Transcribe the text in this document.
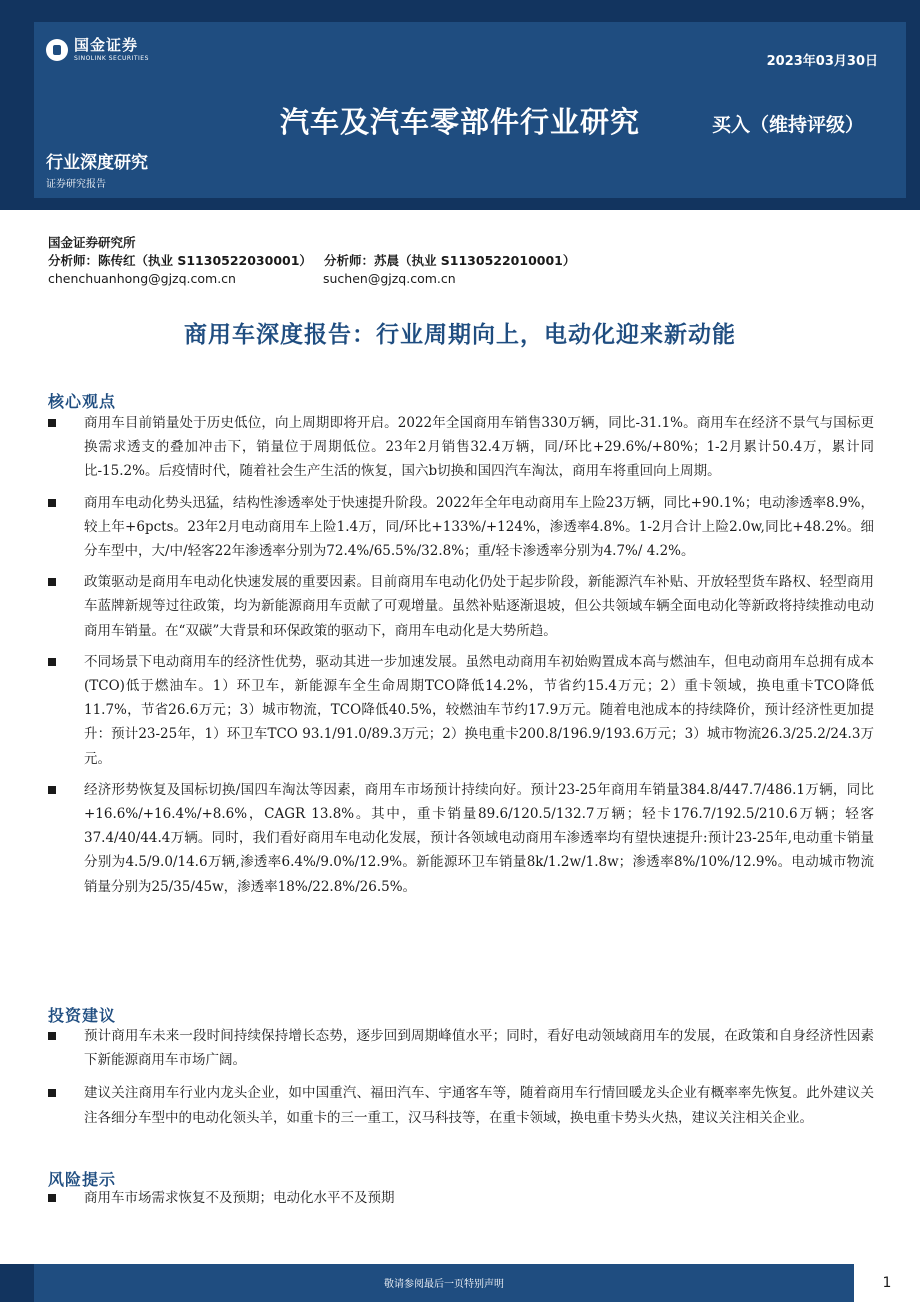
国金证券
SINOLINK SECURITIES	2023年03月30日
汽车及汽车零部件行业研究	买入（维持评级）
行业深度研究
证券研究报告
国金证券研究所
分析师：陈传红（执业 S1130522030001） 分析师：苏晨（执业 S1130522010001）
chenchuanhong@gjzq.com.cn	suchen@gjzq.com.cn
商用车深度报告：行业周期向上，电动化迎来新动能
核心观点
商用车目前销量处于历史低位，向上周期即将开启。2022年全国商用车销售330万辆，同比-31.1%。商用车在经济不景气与国标更换需求透支的叠加冲击下，销量位于周期低位。23年2月销售32.4万辆，同/环比+29.6%/+80%；1-2月累计50.4万，累计同比-15.2%。后疫情时代，随着社会生产生活的恢复，国六b切换和国四汽车淘汰，商用车将重回向上周期。
商用车电动化势头迅猛，结构性渗透率处于快速提升阶段。2022年全年电动商用车上险23万辆，同比+90.1%；电动渗透率8.9%，较上年+6pcts。23年2月电动商用车上险1.4万，同/环比+133%/+124%，渗透率4.8%。1-2月合计上险2.0w,同比+48.2%。细分车型中，大/中/轻客22年渗透率分别为72.4%/65.5%/32.8%；重/轻卡渗透率分别为4.7%/ 4.2%。
政策驱动是商用车电动化快速发展的重要因素。目前商用车电动化仍处于起步阶段，新能源汽车补贴、开放轻型货车路权、轻型商用车蓝牌新规等过往政策，均为新能源商用车贡献了可观增量。虽然补贴逐渐退坡，但公共领域车辆全面电动化等新政将持续推动电动商用车销量。在“双碳”大背景和环保政策的驱动下，商用车电动化是大势所趋。
不同场景下电动商用车的经济性优势，驱动其进一步加速发展。虽然电动商用车初始购置成本高与燃油车，但电动商用车总拥有成本(TCO)低于燃油车。1）环卫车，新能源车全生命周期TCO降低14.2%，节省约15.4万元；2）重卡领域，换电重卡TCO降低11.7%，节省26.6万元；3）城市物流，TCO降低40.5%，较燃油车节约17.9万元。随着电池成本的持续降价，预计经济性更加提升：预计23-25年，1）环卫车TCO 93.1/91.0/89.3万元；2）换电重卡200.8/196.9/193.6万元；3）城市物流26.3/25.2/24.3万元。
经济形势恢复及国标切换/国四车淘汰等因素，商用车市场预计持续向好。预计23-25年商用车销量384.8/447.7/486.1万辆，同比+16.6%/+16.4%/+8.6%，CAGR 13.8%。其中，重卡销量89.6/120.5/132.7万辆；轻卡176.7/192.5/210.6万辆；轻客37.4/40/44.4万辆。同时，我们看好商用车电动化发展，预计各领域电动商用车渗透率均有望快速提升:预计23-25年,电动重卡销量分别为4.5/9.0/14.6万辆,渗透率6.4%/9.0%/12.9%。新能源环卫车销量8k/1.2w/1.8w；渗透率8%/10%/12.9%。电动城市物流销量分别为25/35/45w，渗透率18%/22.8%/26.5%。
投资建议
预计商用车未来一段时间持续保持增长态势，逐步回到周期峰值水平；同时，看好电动领域商用车的发展，在政策和自身经济性因素下新能源商用车市场广阔。
建议关注商用车行业内龙头企业，如中国重汽、福田汽车、宇通客车等，随着商用车行情回暖龙头企业有概率率先恢复。此外建议关注各细分车型中的电动化领头羊，如重卡的三一重工，汉马科技等，在重卡领域，换电重卡势头火热，建议关注相关企业。
风险提示
商用车市场需求恢复不及预期；电动化水平不及预期
敬请参阅最后一页特别声明	1
